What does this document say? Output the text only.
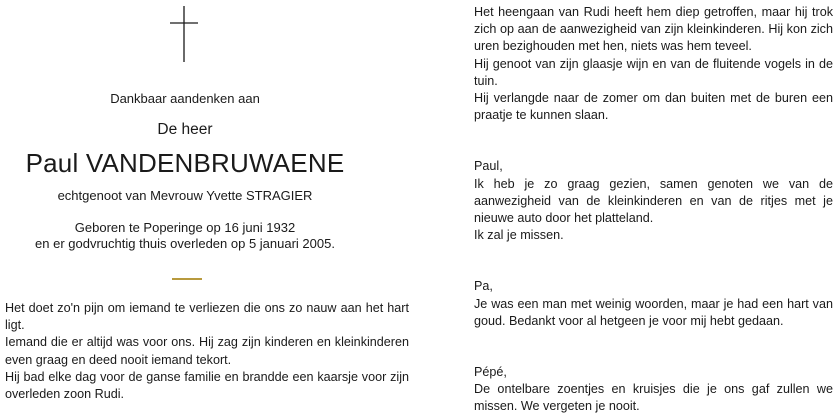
Dankbaar aandenken aan
De heer
Paul VANDENBRUWAENE
echtgenoot van Mevrouw Yvette STRAGIER
Geboren te Poperinge op 16 juni 1932
en er godvruchtig thuis overleden op 5 januari 2005.

Het doet zo'n pijn om iemand te verliezen die ons zo nauw aan het hart ligt.

Iemand die er altijd was voor ons. Hij zag zijn kinderen en kleinkinderen even graag en deed nooit iemand tekort.

Hij bad elke dag voor de ganse familie en brandde een kaarsje voor zijn overleden zoon Rudi.

Het heengaan van Rudi heeft hem diep getroffen, maar hij trok zich op aan de aanwezigheid van zijn kleinkinderen. Hij kon zich uren bezighouden met hen, niets was hem teveel.

Hij genoot van zijn glaasje wijn en van de fluitende vogels in de tuin.

Hij verlangde naar de zomer om dan buiten met de buren een praatje te kunnen slaan.

Paul,

Ik heb je zo graag gezien, samen genoten we van de aanwezigheid van de kleinkinderen en van de ritjes met je nieuwe auto door het platteland.

Ik zal je missen.

Pa,

Je was een man met weinig woorden, maar je had een hart van goud. Bedankt voor al hetgeen je voor mij hebt gedaan.

Pépé,

De ontelbare zoentjes en kruisjes die je ons gaf zullen we missen. We vergeten je nooit.
